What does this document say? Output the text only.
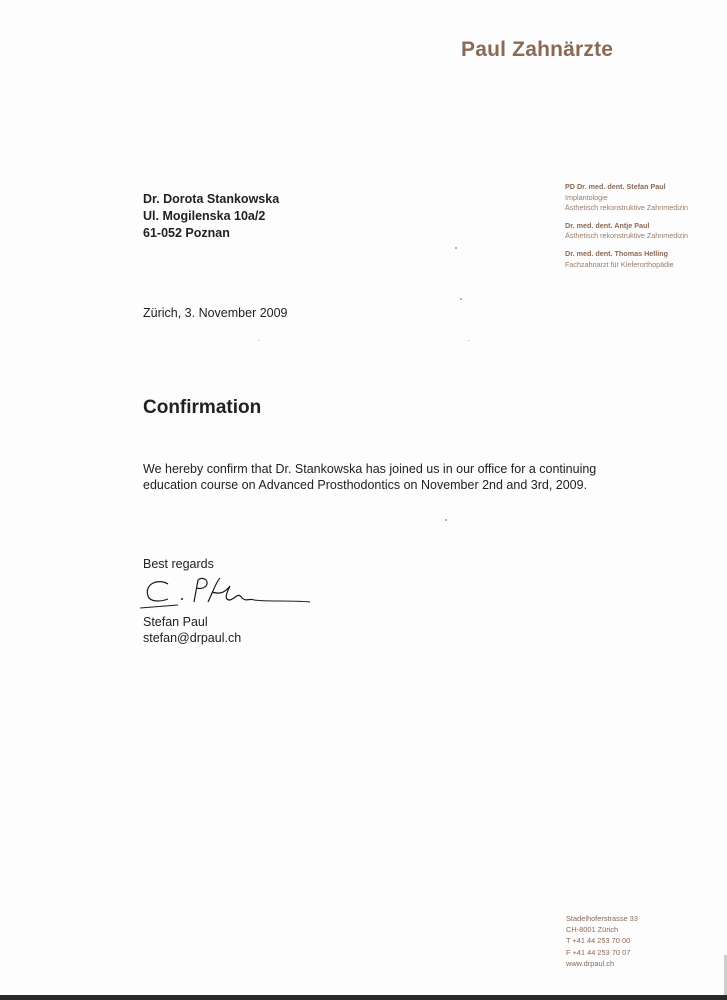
Paul Zahnärzte
Dr. Dorota Stankowska
Ul. Mogilenska 10a/2
61-052 Poznan
PD Dr. med. dent. Stefan Paul
Implantologie
Ästhetisch rekonstruktive Zahnmedizin
Dr. med. dent. Antje Paul
Ästhetisch rekonstruktive Zahnmedizin
Dr. med. dent. Thomas Helling
Fachzahnarzt für Kieferorthopädie
Zürich, 3. November 2009
Confirmation
We hereby confirm that Dr. Stankowska has joined us in our office for a continuing
education course on Advanced Prosthodontics on November 2nd and 3rd, 2009.
Best regards
Stefan Paul
stefan@drpaul.ch
Stadelhoferstrasse 33
CH-8001 Zürich
T +41 44 253 70 00
F +41 44 253 70 07
www.drpaul.ch
